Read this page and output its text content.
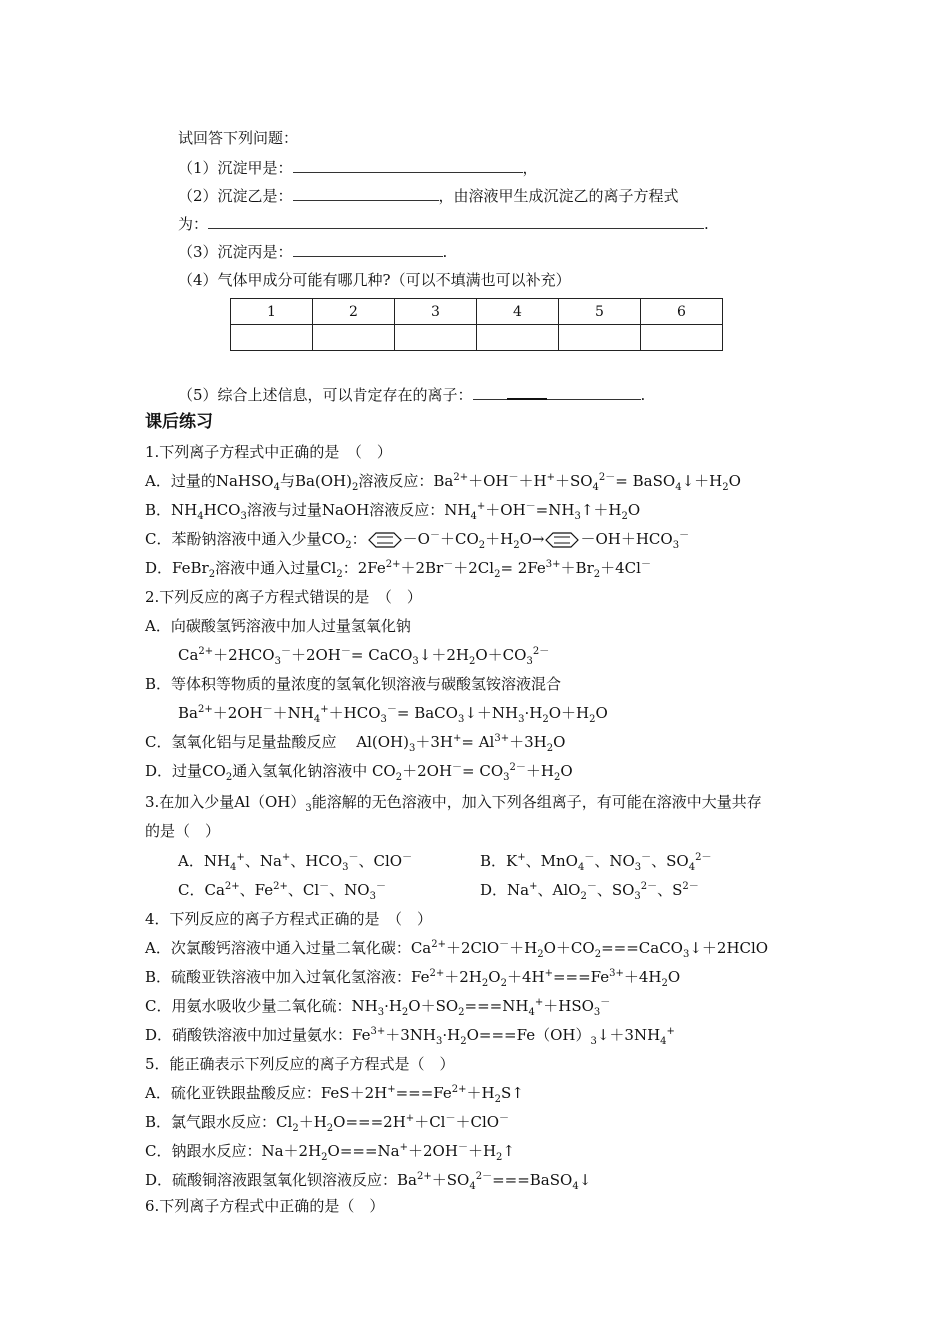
试回答下列问题：
（1）沉淀甲是：	，
（2）沉淀乙是：	，由溶液甲生成沉淀乙的离子方程式
为：	.
（3）沉淀丙是：	.
（4）气体甲成分可能有哪几种?（可以不填满也可以补充）
1	2	3	4	5	6

（5）综合上述信息，可以肯定存在的离子：	.
课后练习
1.下列离子方程式中正确的是　（　）
A．过量的NaHSO$_4$与$Ba(OH)_2$溶液反应：$Ba^{2+}+OH^-+H^++SO_4^{2-}=$ $BaSO_4↓+H_2O$
B．$NH_4HCO_3$溶液与过量NaOH溶液反应：$NH_4^++OH^-=NH_3↑+H_2O$
C．苯酚钠溶液中通入少量$CO_2$： $-O^-+CO_2+H_2O\to -OH+HCO_3^-$
D．FeBr$_2$溶液中通入过量$Cl_2$：$2Fe^{2+}+2Br^-+2Cl_2= 2Fe^{3+}+Br_2+4Cl^-$
2.下列反应的离子方程式错误的是　（　）
A．向碳酸氢钙溶液中加人过量氢氧化钠
$Ca^{2+}+2HCO_3^-+2OH^-=$ $CaCO_3↓+2H_2O+CO_3^{2-}$
B．等体积等物质的量浓度的氢氧化钡溶液与碳酸氢铵溶液混合
$Ba^{2+}+2OH^-+NH_4^++HCO_3^-=$ $BaCO_3↓+NH_3\cdot H_2O+H_2O$
C．氢氧化铝与足量盐酸反应　 $Al(OH)_3+3H^+= Al^{3+}+3H_2O$
D．过量$CO_2$通入氢氧化钠溶液中 $CO_2+2OH^-= CO_3^{2-}+H_2O$
3.在加入少量$Al(OH)_3$能溶解的无色溶液中，加入下列各组离子，有可能在溶液中大量共存
的是（　）
A．$NH_4^+$、Na+、$HCO_3^-$、ClO－	B．K+、MnO$_4$－、$NO_3^-$、$SO_4^{2-}$
C．$Ca^{2+}$、$Fe^{2+}$、Cl－、$NO_3^-$	D．Na+、AlO$_2$－、$SO_3^{2-}$、$S^{2-}$
4．下列反应的离子方程式正确的是　（　）
A．次氯酸钙溶液中通入过量二氧化碳：$Ca^{2+}+2ClO^-+H_2O+CO_2===CaCO_3↓+2HClO$
B．硫酸亚铁溶液中加入过氧化氢溶液：$Fe^{2+}+2H_2O_2+4H^+===Fe^{3+}+4H_2O$
C．用氨水吸收少量二氧化硫：$NH_3\cdot H_2O+SO_2===NH_4^++HSO_3^-$
D．硝酸铁溶液中加过量氨水：$Fe^{3+}+3NH_3\cdot H_2O===Fe(OH)_3↓+3NH_4^+$
5．能正确表示下列反应的离子方程式是（　）
A．硫化亚铁跟盐酸反应：$FeS+2H^+===Fe^{2+}+H_2S↑$
B．氯气跟水反应：$Cl_2+H_2O===2H^++Cl^-+ClO^-$
C．钠跟水反应：$Na+2H_2O===Na^++2OH^-+H_2↑$
D．硫酸铜溶液跟氢氧化钡溶液反应：$Ba^{2+}+SO_4^{2-}===BaSO_4↓$
6.下列离子方程式中正确的是（　）
